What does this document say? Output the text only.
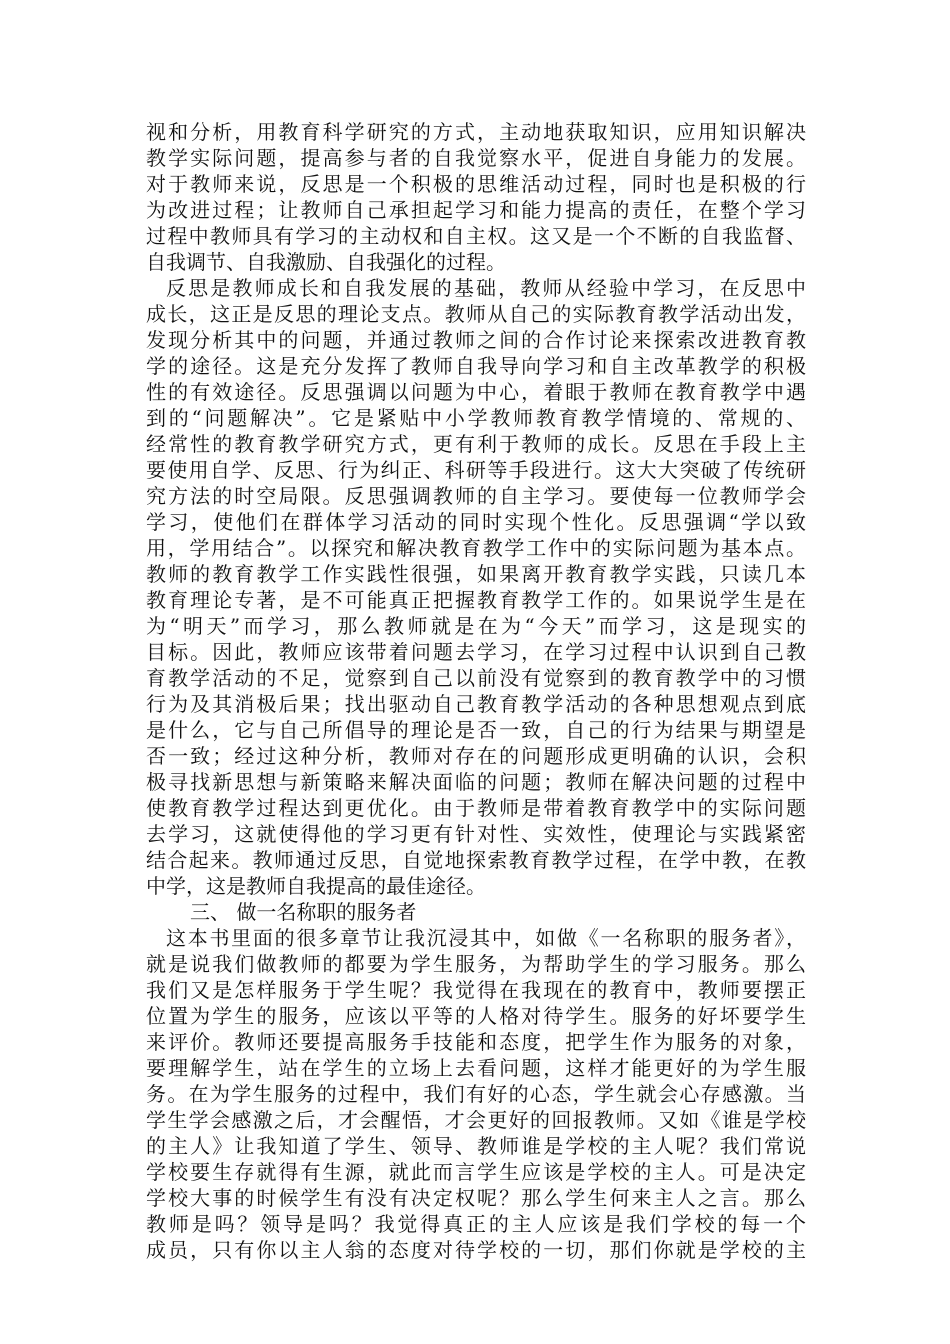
视和分析，用教育科学研究的方式，主动地获取知识，应用知识解决
教学实际问题，提高参与者的自我觉察水平，促进自身能力的发展。
对于教师来说，反思是一个积极的思维活动过程，同时也是积极的行
为改进过程；让教师自己承担起学习和能力提高的责任，在整个学习
过程中教师具有学习的主动权和自主权。这又是一个不断的自我监督、
自我调节、自我激励、自我强化的过程。
反思是教师成长和自我发展的基础，教师从经验中学习，在反思中
成长，这正是反思的理论支点。教师从自己的实际教育教学活动出发，
发现分析其中的问题，并通过教师之间的合作讨论来探索改进教育教
学的途径。这是充分发挥了教师自我导向学习和自主改革教学的积极
性的有效途径。反思强调以问题为中心，着眼于教师在教育教学中遇
到的“问题解决”。它是紧贴中小学教师教育教学情境的、常规的、
经常性的教育教学研究方式，更有利于教师的成长。反思在手段上主
要使用自学、反思、行为纠正、科研等手段进行。这大大突破了传统研
究方法的时空局限。反思强调教师的自主学习。要使每一位教师学会
学习，使他们在群体学习活动的同时实现个性化。反思强调“学以致
用，学用结合”。以探究和解决教育教学工作中的实际问题为基本点。
教师的教育教学工作实践性很强，如果离开教育教学实践，只读几本
教育理论专著，是不可能真正把握教育教学工作的。如果说学生是在
为“明天”而学习，那么教师就是在为“今天”而学习，这是现实的
目标。因此，教师应该带着问题去学习，在学习过程中认识到自己教
育教学活动的不足，觉察到自己以前没有觉察到的教育教学中的习惯
行为及其消极后果；找出驱动自己教育教学活动的各种思想观点到底
是什么，它与自己所倡导的理论是否一致，自己的行为结果与期望是
否一致；经过这种分析，教师对存在的问题形成更明确的认识，会积
极寻找新思想与新策略来解决面临的问题；教师在解决问题的过程中
使教育教学过程达到更优化。由于教师是带着教育教学中的实际问题
去学习，这就使得他的学习更有针对性、实效性，使理论与实践紧密
结合起来。教师通过反思，自觉地探索教育教学过程，在学中教，在教
中学，这是教师自我提高的最佳途径。
三、 做一名称职的服务者
这本书里面的很多章节让我沉浸其中，如做《一名称职的服务者》，
就是说我们做教师的都要为学生服务，为帮助学生的学习服务。那么
我们又是怎样服务于学生呢？我觉得在我现在的教育中，教师要摆正
位置为学生的服务，应该以平等的人格对待学生。服务的好坏要学生
来评价。教师还要提高服务手技能和态度，把学生作为服务的对象，
要理解学生，站在学生的立场上去看问题，这样才能更好的为学生服
务。在为学生服务的过程中，我们有好的心态，学生就会心存感激。当
学生学会感激之后，才会醒悟，才会更好的回报教师。又如《谁是学校
的主人》让我知道了学生、领导、教师谁是学校的主人呢？我们常说
学校要生存就得有生源，就此而言学生应该是学校的主人。可是决定
学校大事的时候学生有没有决定权呢？那么学生何来主人之言。那么
教师是吗？领导是吗？我觉得真正的主人应该是我们学校的每一个
成员，只有你以主人翁的态度对待学校的一切，那们你就是学校的主
